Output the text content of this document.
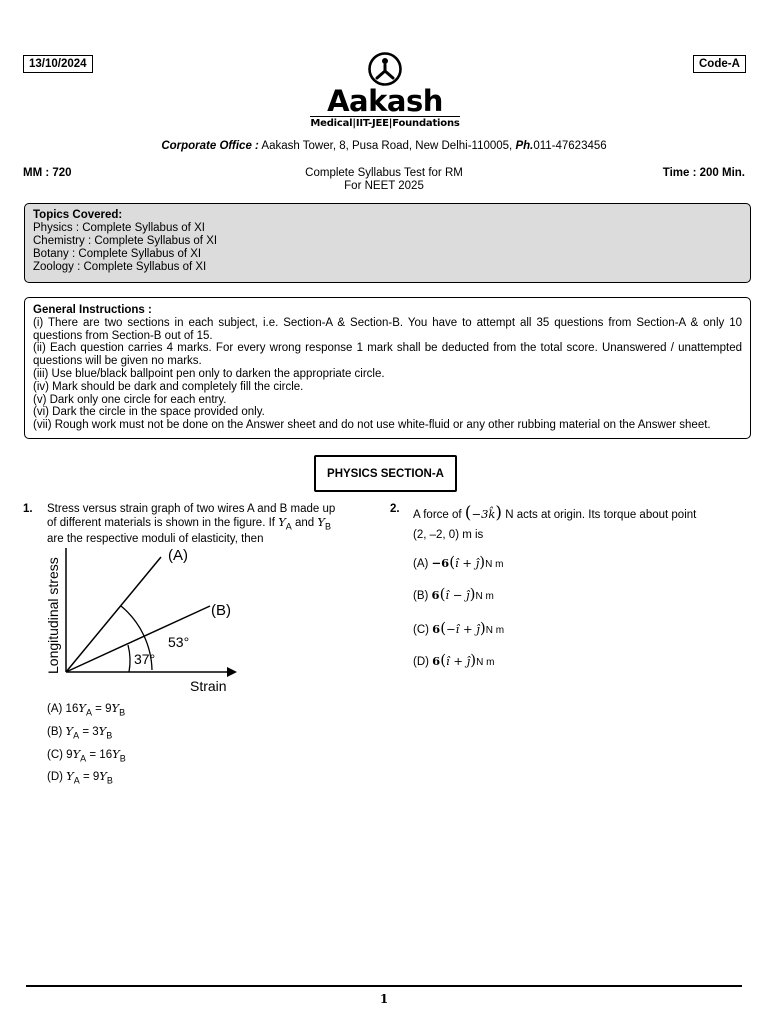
13/10/2024	Code-A
Aakash
Medical|IIT-JEE|Foundations
Corporate Office : Aakash Tower, 8, Pusa Road, New Delhi-110005, Ph.011-47623456
MM : 720	Complete Syllabus Test for RM
For NEET 2025
Time : 200 Min.
Topics Covered:
Physics : Complete Syllabus of XI
Chemistry : Complete Syllabus of XI
Botany : Complete Syllabus of XI
Zoology : Complete Syllabus of XI
General Instructions :
(i) There are two sections in each subject, i.e. Section-A & Section-B. You have to attempt all 35 questions from Section-A & only 10 questions from Section-B out of 15.
(ii) Each question carries 4 marks. For every wrong response 1 mark shall be deducted from the total score. Unanswered / unattempted questions will be given no marks.
(iii) Use blue/black ballpoint pen only to darken the appropriate circle.
(iv) Mark should be dark and completely fill the circle.
(v) Dark only one circle for each entry.
(vi) Dark the circle in the space provided only.
(vii) Rough work must not be done on the Answer sheet and do not use white-fluid or any other rubbing material on the Answer sheet.
PHYSICS SECTION-A
1. Stress versus strain graph of two wires A and B made up
of different materials is shown in the figure. If $Y_A$ and $Y_B$
are the respective moduli of elasticity, then
Longitudinal stress
(A)
(B)
53°
37°
Strain
(A) $16Y_A = 9Y_B$
(B) $Y_A = 3Y_B$
(C) $9Y_A = 16Y_B$
(D) $Y_A = 9Y_B$
2. A force of (−3k̂) N acts at origin. Its torque about point
(2, –2, 0) m is
(A) −6(î + ĵ)N m
(B) 6(î − ĵ)N m
(C) 6(−î + ĵ)N m
(D) 6(î + ĵ)N m
1
